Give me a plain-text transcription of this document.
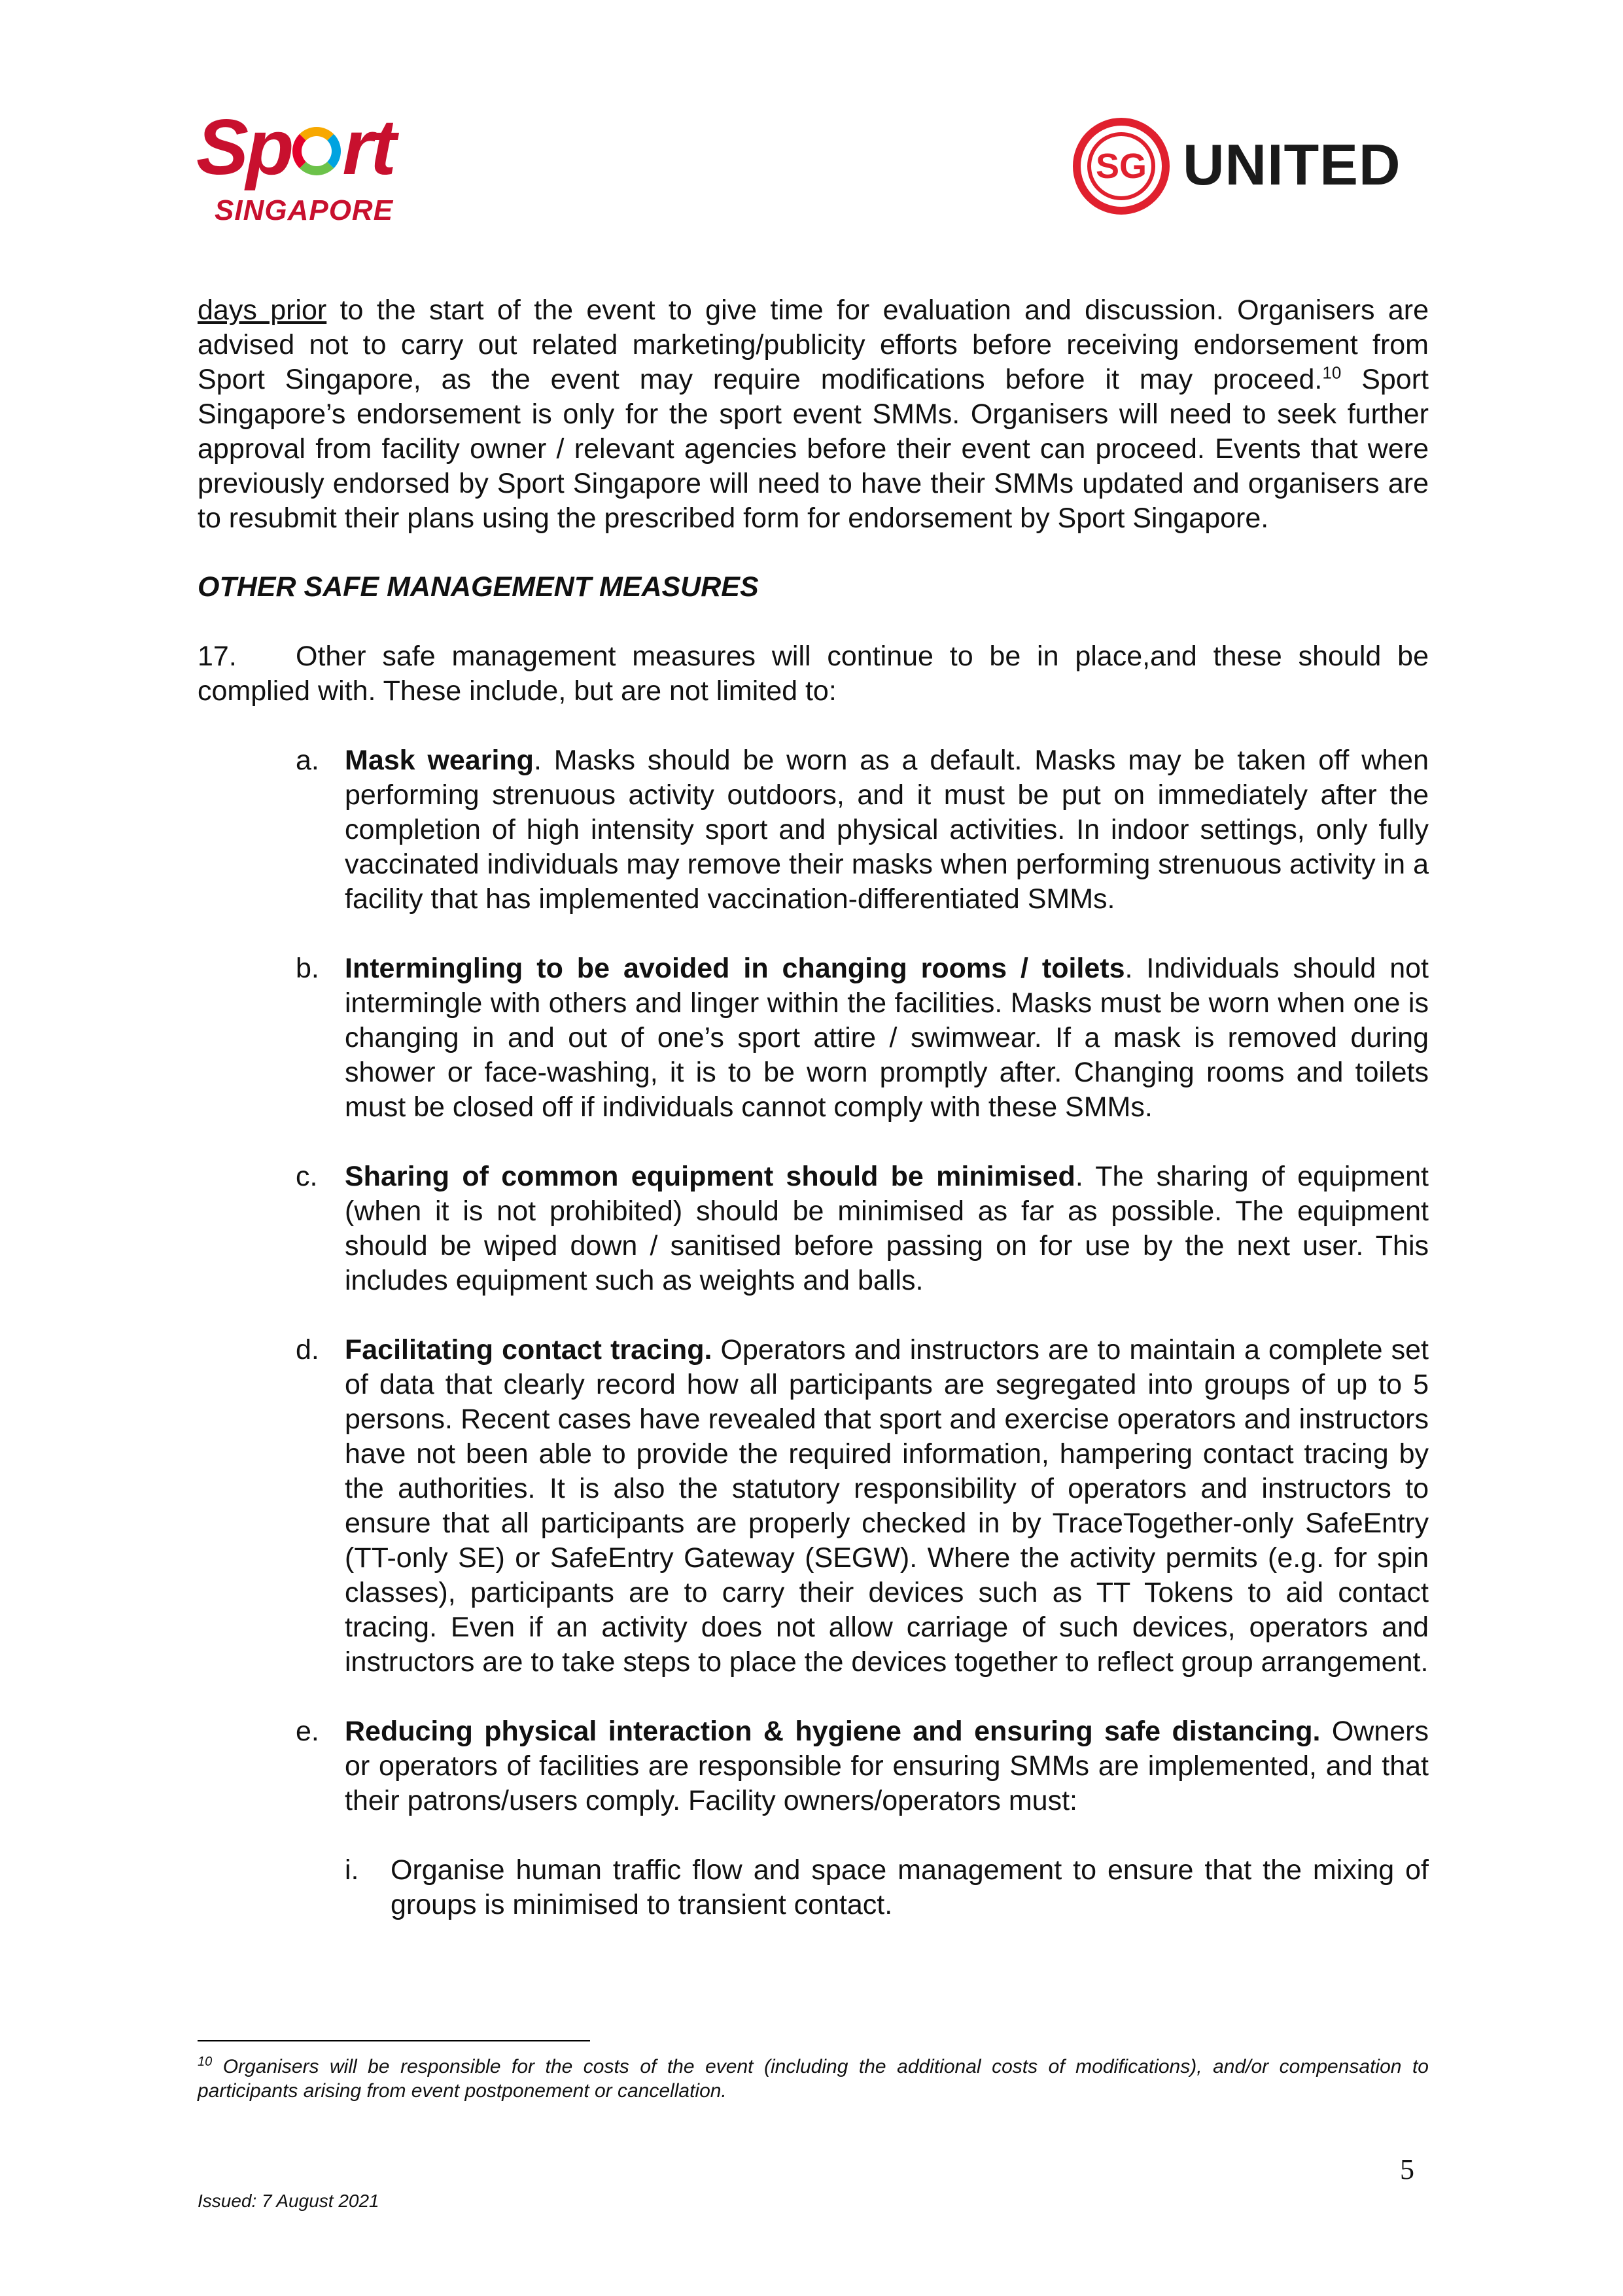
Sp rt
SINGAPORE
SG UNITED

days prior to the start of the event to give time for evaluation and discussion. Organisers are advised not to carry out related marketing/publicity efforts before receiving endorsement from Sport Singapore, as the event may require modifications before it may proceed.$^{10}$ Sport Singapore’s endorsement is only for the sport event SMMs. Organisers will need to seek further approval from facility owner / relevant agencies before their event can proceed. Events that were previously endorsed by Sport Singapore will need to have their SMMs updated and organisers are to resubmit their plans using the prescribed form for endorsement by Sport Singapore.

OTHER SAFE MANAGEMENT MEASURES

17. Other safe management measures will continue to be in place,and these should be complied with. These include, but are not limited to:

a. Mask wearing. Masks should be worn as a default. Masks may be taken off when performing strenuous activity outdoors, and it must be put on immediately after the completion of high intensity sport and physical activities. In indoor settings, only fully vaccinated individuals may remove their masks when performing strenuous activity in a facility that has implemented vaccination-differentiated SMMs.

b. Intermingling to be avoided in changing rooms / toilets. Individuals should not intermingle with others and linger within the facilities. Masks must be worn when one is changing in and out of one’s sport attire / swimwear. If a mask is removed during shower or face-washing, it is to be worn promptly after. Changing rooms and toilets must be closed off if individuals cannot comply with these SMMs.

c. Sharing of common equipment should be minimised. The sharing of equipment (when it is not prohibited) should be minimised as far as possible. The equipment should be wiped down / sanitised before passing on for use by the next user. This includes equipment such as weights and balls.

d. Facilitating contact tracing. Operators and instructors are to maintain a complete set of data that clearly record how all participants are segregated into groups of up to 5 persons. Recent cases have revealed that sport and exercise operators and instructors have not been able to provide the required information, hampering contact tracing by the authorities. It is also the statutory responsibility of operators and instructors to ensure that all participants are properly checked in by TraceTogether-only SafeEntry (TT-only SE) or SafeEntry Gateway (SEGW). Where the activity permits (e.g. for spin classes), participants are to carry their devices such as TT Tokens to aid contact tracing. Even if an activity does not allow carriage of such devices, operators and instructors are to take steps to place the devices together to reflect group arrangement.

e. Reducing physical interaction & hygiene and ensuring safe distancing. Owners or operators of facilities are responsible for ensuring SMMs are implemented, and that their patrons/users comply. Facility owners/operators must:

i. Organise human traffic flow and space management to ensure that the mixing of groups is minimised to transient contact.

$^{10}$ Organisers will be responsible for the costs of the event (including the additional costs of modifications), and/or compensation to participants arising from event postponement or cancellation.
5
Issued: 7 August 2021
